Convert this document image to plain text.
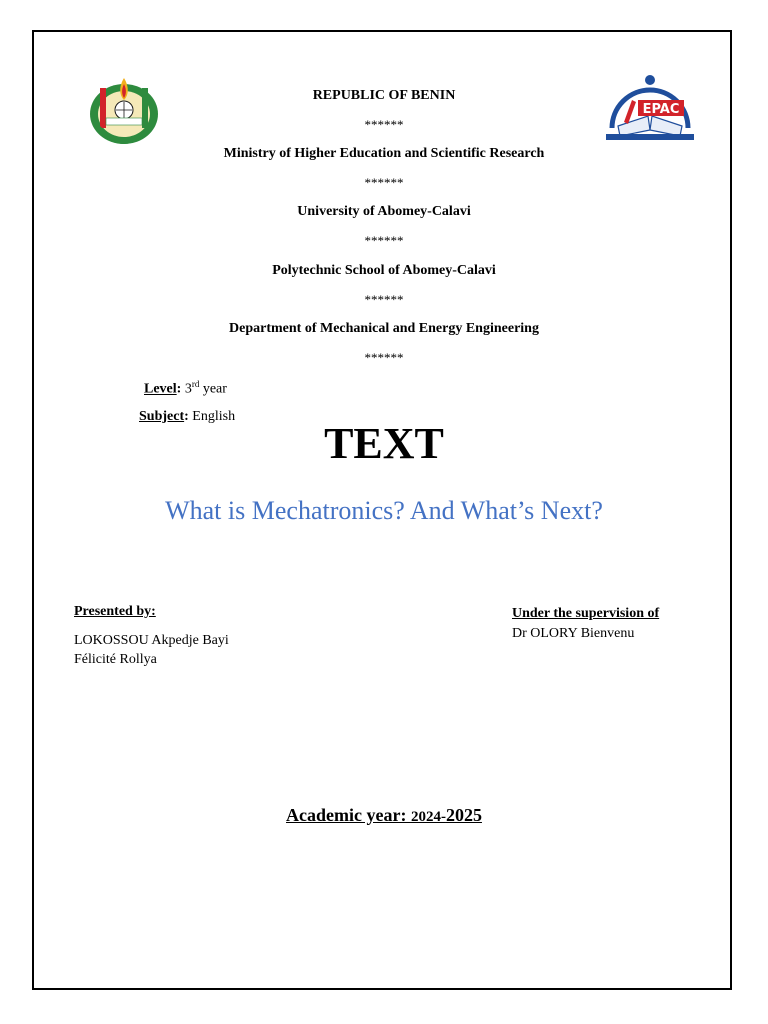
EPAC
REPUBLIC OF BENIN
******
Ministry of Higher Education and Scientific Research
******
University of Abomey-Calavi
******
Polytechnic School of Abomey-Calavi
******
Department of Mechanical and Energy Engineering
******
Level: 3rd year
Subject: English
TEXT
What is Mechatronics? And What’s Next?
Presented by:
LOKOSSOU Akpedje Bayi
Félicité Rollya
Under the supervision of
Dr OLORY Bienvenu
Academic year: 2024-2025
